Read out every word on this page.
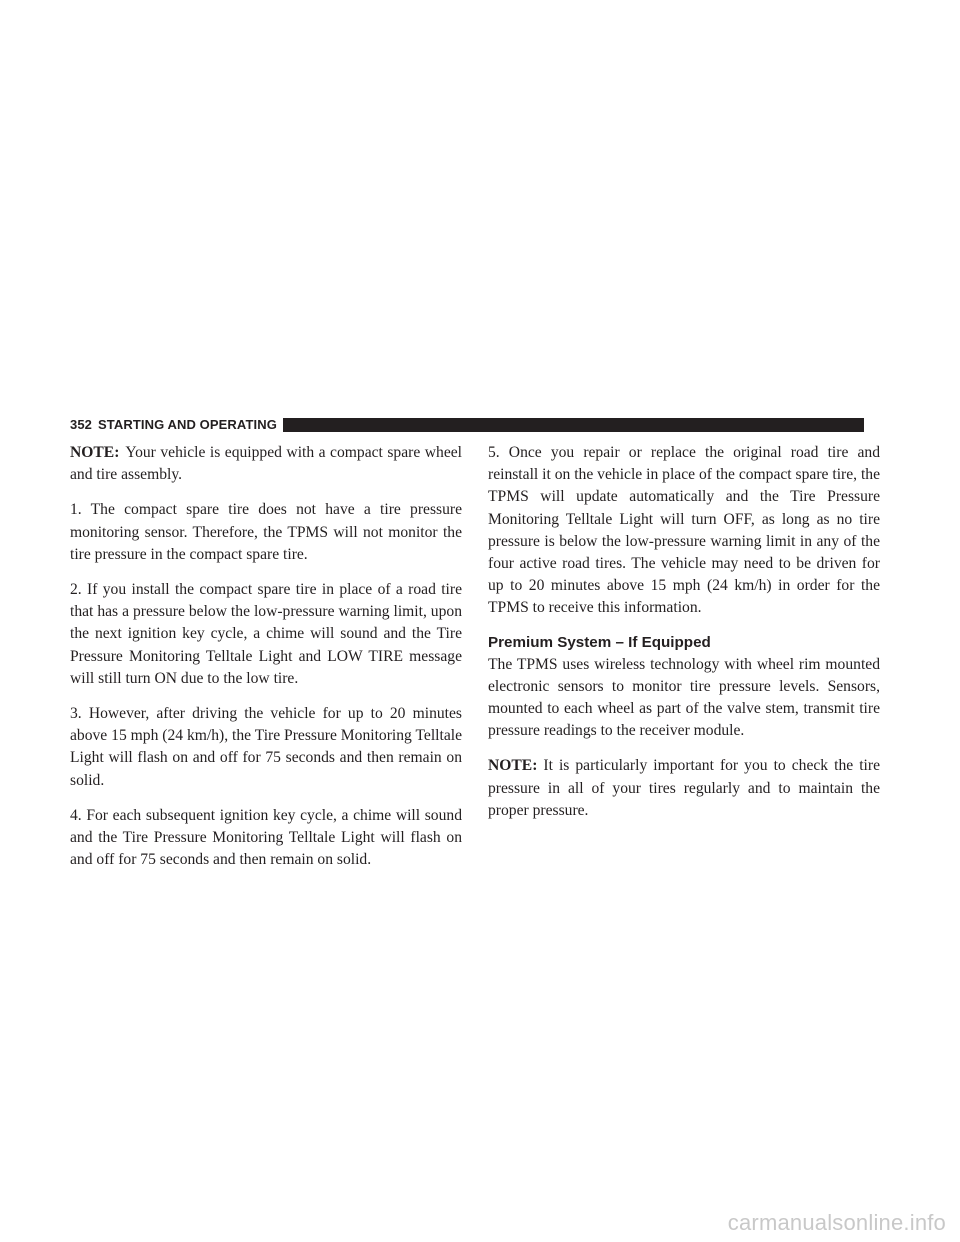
352 STARTING AND OPERATING

NOTE: Your vehicle is equipped with a compact spare wheel and tire assembly.

1. The compact spare tire does not have a tire pressure monitoring sensor. Therefore, the TPMS will not monitor the tire pressure in the compact spare tire.

2. If you install the compact spare tire in place of a road tire that has a pressure below the low-pressure warning limit, upon the next ignition key cycle, a chime will sound and the Tire Pressure Monitoring Telltale Light and LOW TIRE message will still turn ON due to the low tire.

3. However, after driving the vehicle for up to 20 minutes above 15 mph (24 km/h), the Tire Pressure Monitoring Telltale Light will flash on and off for 75 seconds and then remain on solid.

4. For each subsequent ignition key cycle, a chime will sound and the Tire Pressure Monitoring Telltale Light will flash on and off for 75 seconds and then remain on solid.

5. Once you repair or replace the original road tire and reinstall it on the vehicle in place of the compact spare tire, the TPMS will update automatically and the Tire Pressure Monitoring Telltale Light will turn OFF, as long as no tire pressure is below the low-pressure warning limit in any of the four active road tires. The vehicle may need to be driven for up to 20 minutes above 15 mph (24 km/h) in order for the TPMS to receive this information.

Premium System – If Equipped

The TPMS uses wireless technology with wheel rim mounted electronic sensors to monitor tire pressure levels. Sensors, mounted to each wheel as part of the valve stem, transmit tire pressure readings to the receiver module.

NOTE: It is particularly important for you to check the tire pressure in all of your tires regularly and to maintain the proper pressure.

carmanualsonline.info
